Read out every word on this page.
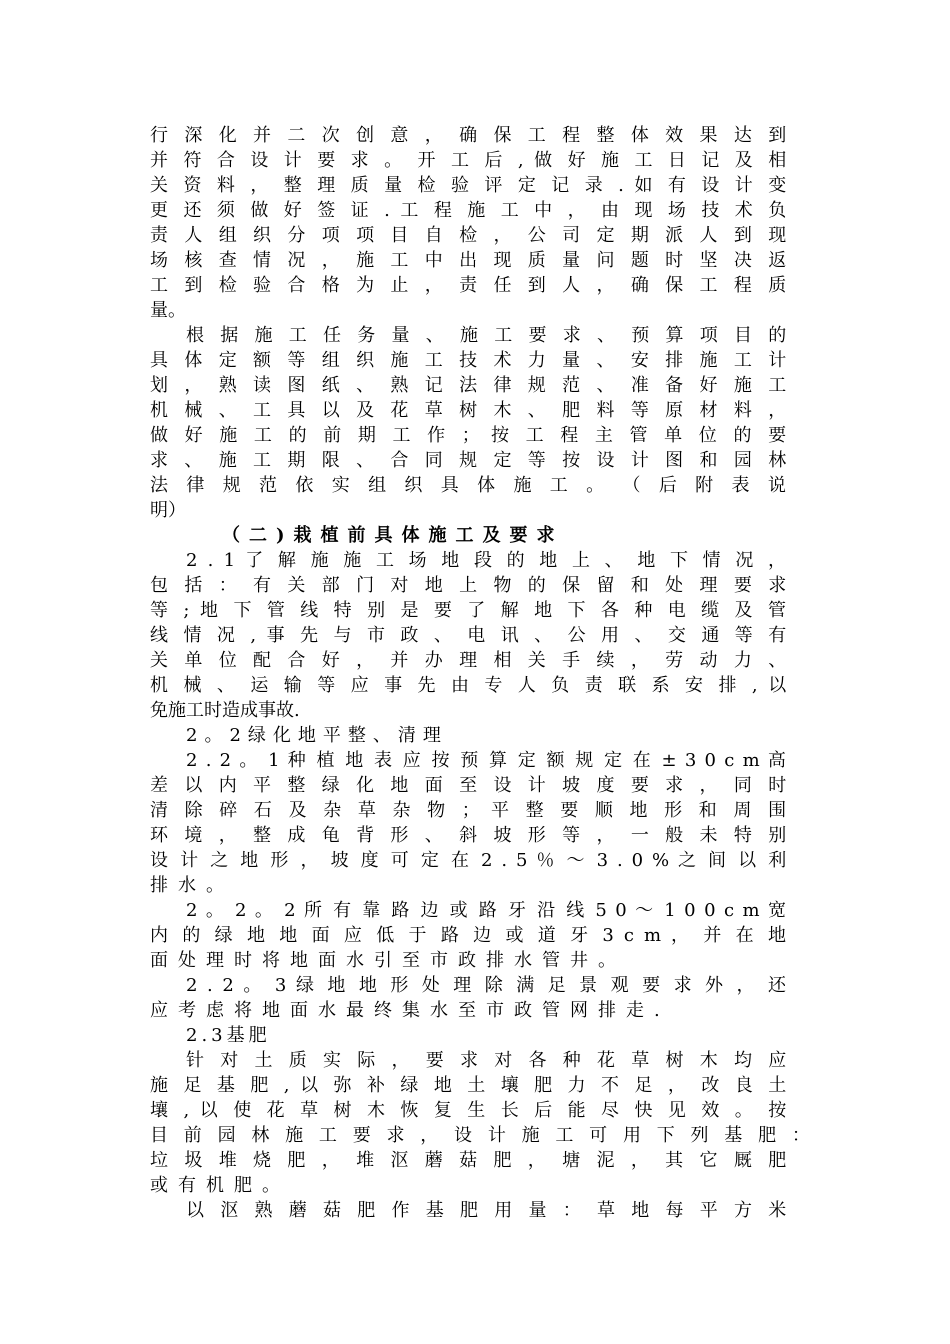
行 深 化 并 二 次 创 意 ， 确 保 工 程 整 体 效 果 达 到
并 符 合 设 计 要 求 。 开 工 后 , 做 好 施 工 日 记 及 相
关 资 料 ， 整 理 质 量 检 验 评 定 记 录 . 如 有 设 计 变
更 还 须 做 好 签 证 . 工 程 施 工 中 ， 由 现 场 技 术 负
责 人 组 织 分 项 项 目 自 检 ， 公 司 定 期 派 人 到 现
场 核 查 情 况 ， 施 工 中 出 现 质 量 问 题 时 坚 决 返
工 到 检 验 合 格 为 止 ， 责 任 到 人 ， 确 保 工 程 质
量。
根 据 施 工 任 务 量 、 施 工 要 求 、 预 算 项 目 的
具 体 定 额 等 组 织 施 工 技 术 力 量 、 安 排 施 工 计
划 ， 熟 读 图 纸 、 熟 记 法 律 规 范 、 准 备 好 施 工
机 械 、 工 具 以 及 花 草 树 木 、 肥 料 等 原 材 料 ，
做 好 施 工 的 前 期 工 作 ； 按 工 程 主 管 单 位 的 要
求 、 施 工 期 限 、 合 同 规 定 等 按 设 计 图 和 园 林
法 律 规 范 依 实 组 织 具 体 施 工 。 （ 后 附 表 说
明）
（二)栽植前具体施工及要求
2 . 1 了 解 施 施 工 场 地 段 的 地 上 、 地 下 情 况 ，
包 括 ： 有 关 部 门 对 地 上 物 的 保 留 和 处 理 要 求
等 ; 地 下 管 线 特 别 是 要 了 解 地 下 各 种 电 缆 及 管
线 情 况 , 事 先 与 市 政 、 电 讯 、 公 用 、 交 通 等 有
关 单 位 配 合 好 ， 并 办 理 相 关 手 续 ， 劳 动 力 、
机 械 、 运 输 等 应 事 先 由 专 人 负 责 联 系 安 排 , 以
免施工时造成事故.
2。2绿化地平整、清理
2 . 2 。 1 种 植 地 表 应 按 预 算 定 额 规 定 在 ± 3 0 c m 高
差 以 内 平 整 绿 化 地 面 至 设 计 坡 度 要 求 ， 同 时
清 除 碎 石 及 杂 草 杂 物 ； 平 整 要 顺 地 形 和 周 围
环 境 ， 整 成 龟 背 形 、 斜 坡 形 等 ， 一 般 未 特 别
设 计 之 地 形 ， 坡 度 可 定 在 2 . 5 ％ ～ 3 . 0 % 之 间 以 利
排水。
2 。 2 。 2 所 有 靠 路 边 或 路 牙 沿 线 5 0 ～ 1 0 0 c m 宽
内 的 绿 地 地 面 应 低 于 路 边 或 道 牙 3 c m ， 并 在 地
面处理时将地面水引至市政排水管井。
2 . 2 。 3 绿 地 地 形 处 理 除 满 足 景 观 要 求 外 ， 还
应考虑将地面水最终集水至市政管网排走.
2.3基肥
针 对 土 质 实 际 ， 要 求 对 各 种 花 草 树 木 均 应
施 足 基 肥 , 以 弥 补 绿 地 土 壤 肥 力 不 足 ， 改 良 土
壤 , 以 使 花 草 树 木 恢 复 生 长 后 能 尽 快 见 效 。 按
目 前 园 林 施 工 要 求 ， 设 计 施 工 可 用 下 列 基 肥 ：
垃 圾 堆 烧 肥 ， 堆 沤 蘑 菇 肥 ， 塘 泥 ， 其 它 厩 肥
或有机肥。
以 沤 熟 蘑 菇 肥 作 基 肥 用 量 ： 草 地 每 平 方 米
